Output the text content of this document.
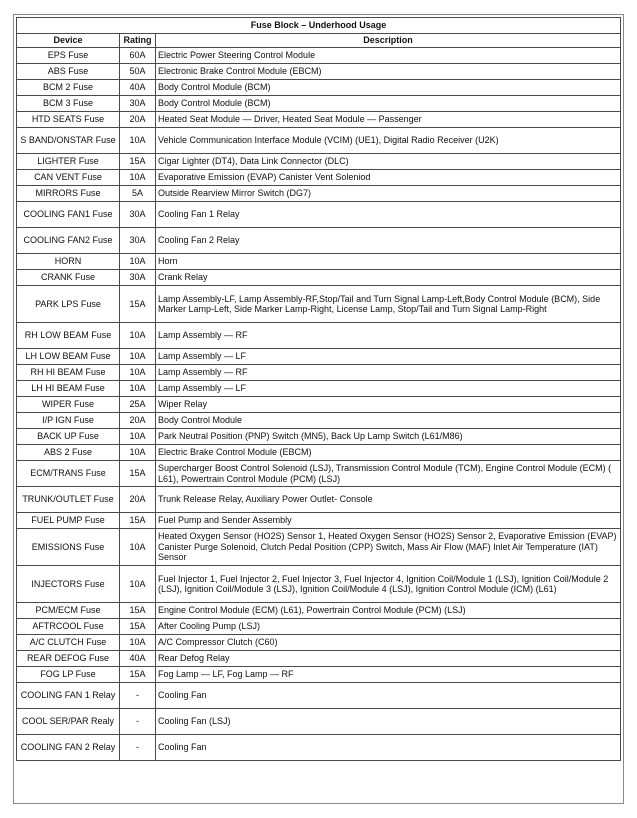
Fuse Block – Underhood Usage		
Device	Rating	Description
EPS Fuse	60A	Electric Power Steering Control Module
ABS Fuse	50A	Electronic Brake Control Module (EBCM)
BCM 2 Fuse	40A	Body Control Module (BCM)
BCM 3 Fuse	30A	Body Control Module (BCM)
HTD SEATS Fuse	20A	Heated Seat Module — Driver, Heated Seat Module — Passenger
S BAND/ONSTAR Fuse	10A	Vehicle Communication Interface Module (VCIM) (UE1), Digital Radio Receiver (U2K)
LIGHTER Fuse	15A	Cigar Lighter (DT4), Data Link Connector (DLC)
CAN VENT Fuse	10A	Evaporative Emission (EVAP) Canister Vent Soleniod
MIRRORS Fuse	5A	Outside Rearview Mirror Switch (DG7)
COOLING FAN1 Fuse	30A	Cooling Fan 1 Relay
COOLING FAN2 Fuse	30A	Cooling Fan 2 Relay
HORN	10A	Horn
CRANK Fuse	30A	Crank Relay
PARK LPS Fuse	15A	Lamp Assembly-LF, Lamp Assembly-RF,Stop/Tail and Turn Signal Lamp-Left,Body Control Module (BCM), Side Marker Lamp-Left, Side Marker Lamp-Right, License Lamp, Stop/Tail and Turn Signal Lamp-Right
RH LOW BEAM Fuse	10A	Lamp Assembly — RF
LH LOW BEAM Fuse	10A	Lamp Assembly — LF
RH HI BEAM Fuse	10A	Lamp Assembly — RF
LH HI BEAM Fuse	10A	Lamp Assembly — LF
WIPER Fuse	25A	Wiper Relay
I/P IGN Fuse	20A	Body Control Module
BACK UP Fuse	10A	Park Neutral Position (PNP) Switch (MN5), Back Up Lamp Switch (L61/M86)
ABS 2 Fuse	10A	Electric Brake Control Module (EBCM)
ECM/TRANS Fuse	15A	Supercharger Boost Control Solenoid (LSJ), Transmission Control Module (TCM), Engine Control Module (ECM) ( L61), Powertrain Control Module (PCM) (LSJ)
TRUNK/OUTLET Fuse	20A	Trunk Release Relay, Auxiliary Power Outlet- Console
FUEL PUMP Fuse	15A	Fuel Pump and Sender Assembly
EMISSIONS Fuse	10A	Heated Oxygen Sensor (HO2S) Sensor 1, Heated Oxygen Sensor (HO2S) Sensor 2, Evaporative Emission (EVAP) Canister Purge Solenoid, Clutch Pedal Position (CPP) Switch, Mass Air Flow (MAF) Inlet Air Temperature (IAT) Sensor
INJECTORS Fuse	10A	Fuel Injector 1, Fuel Injector 2, Fuel Injector 3, Fuel Injector 4, Ignition Coil/Module 1 (LSJ), Ignition Coil/Module 2 (LSJ), Ignition Coil/Module 3 (LSJ), Ignition Coil/Module 4 (LSJ), Ignition Control Module (ICM) (L61)
PCM/ECM Fuse	15A	Engine Control Module (ECM) (L61), Powertrain Control Module (PCM) (LSJ)
AFTRCOOL Fuse	15A	After Cooling Pump (LSJ)
A/C CLUTCH Fuse	10A	A/C Compressor Clutch (C60)
REAR DEFOG Fuse	40A	Rear Defog Relay
FOG LP Fuse	15A	Fog Lamp — LF, Fog Lamp — RF
COOLING FAN 1 Relay	-	Cooling Fan
COOL SER/PAR Realy	-	Cooling Fan (LSJ)
COOLING FAN 2 Relay	-	Cooling Fan
